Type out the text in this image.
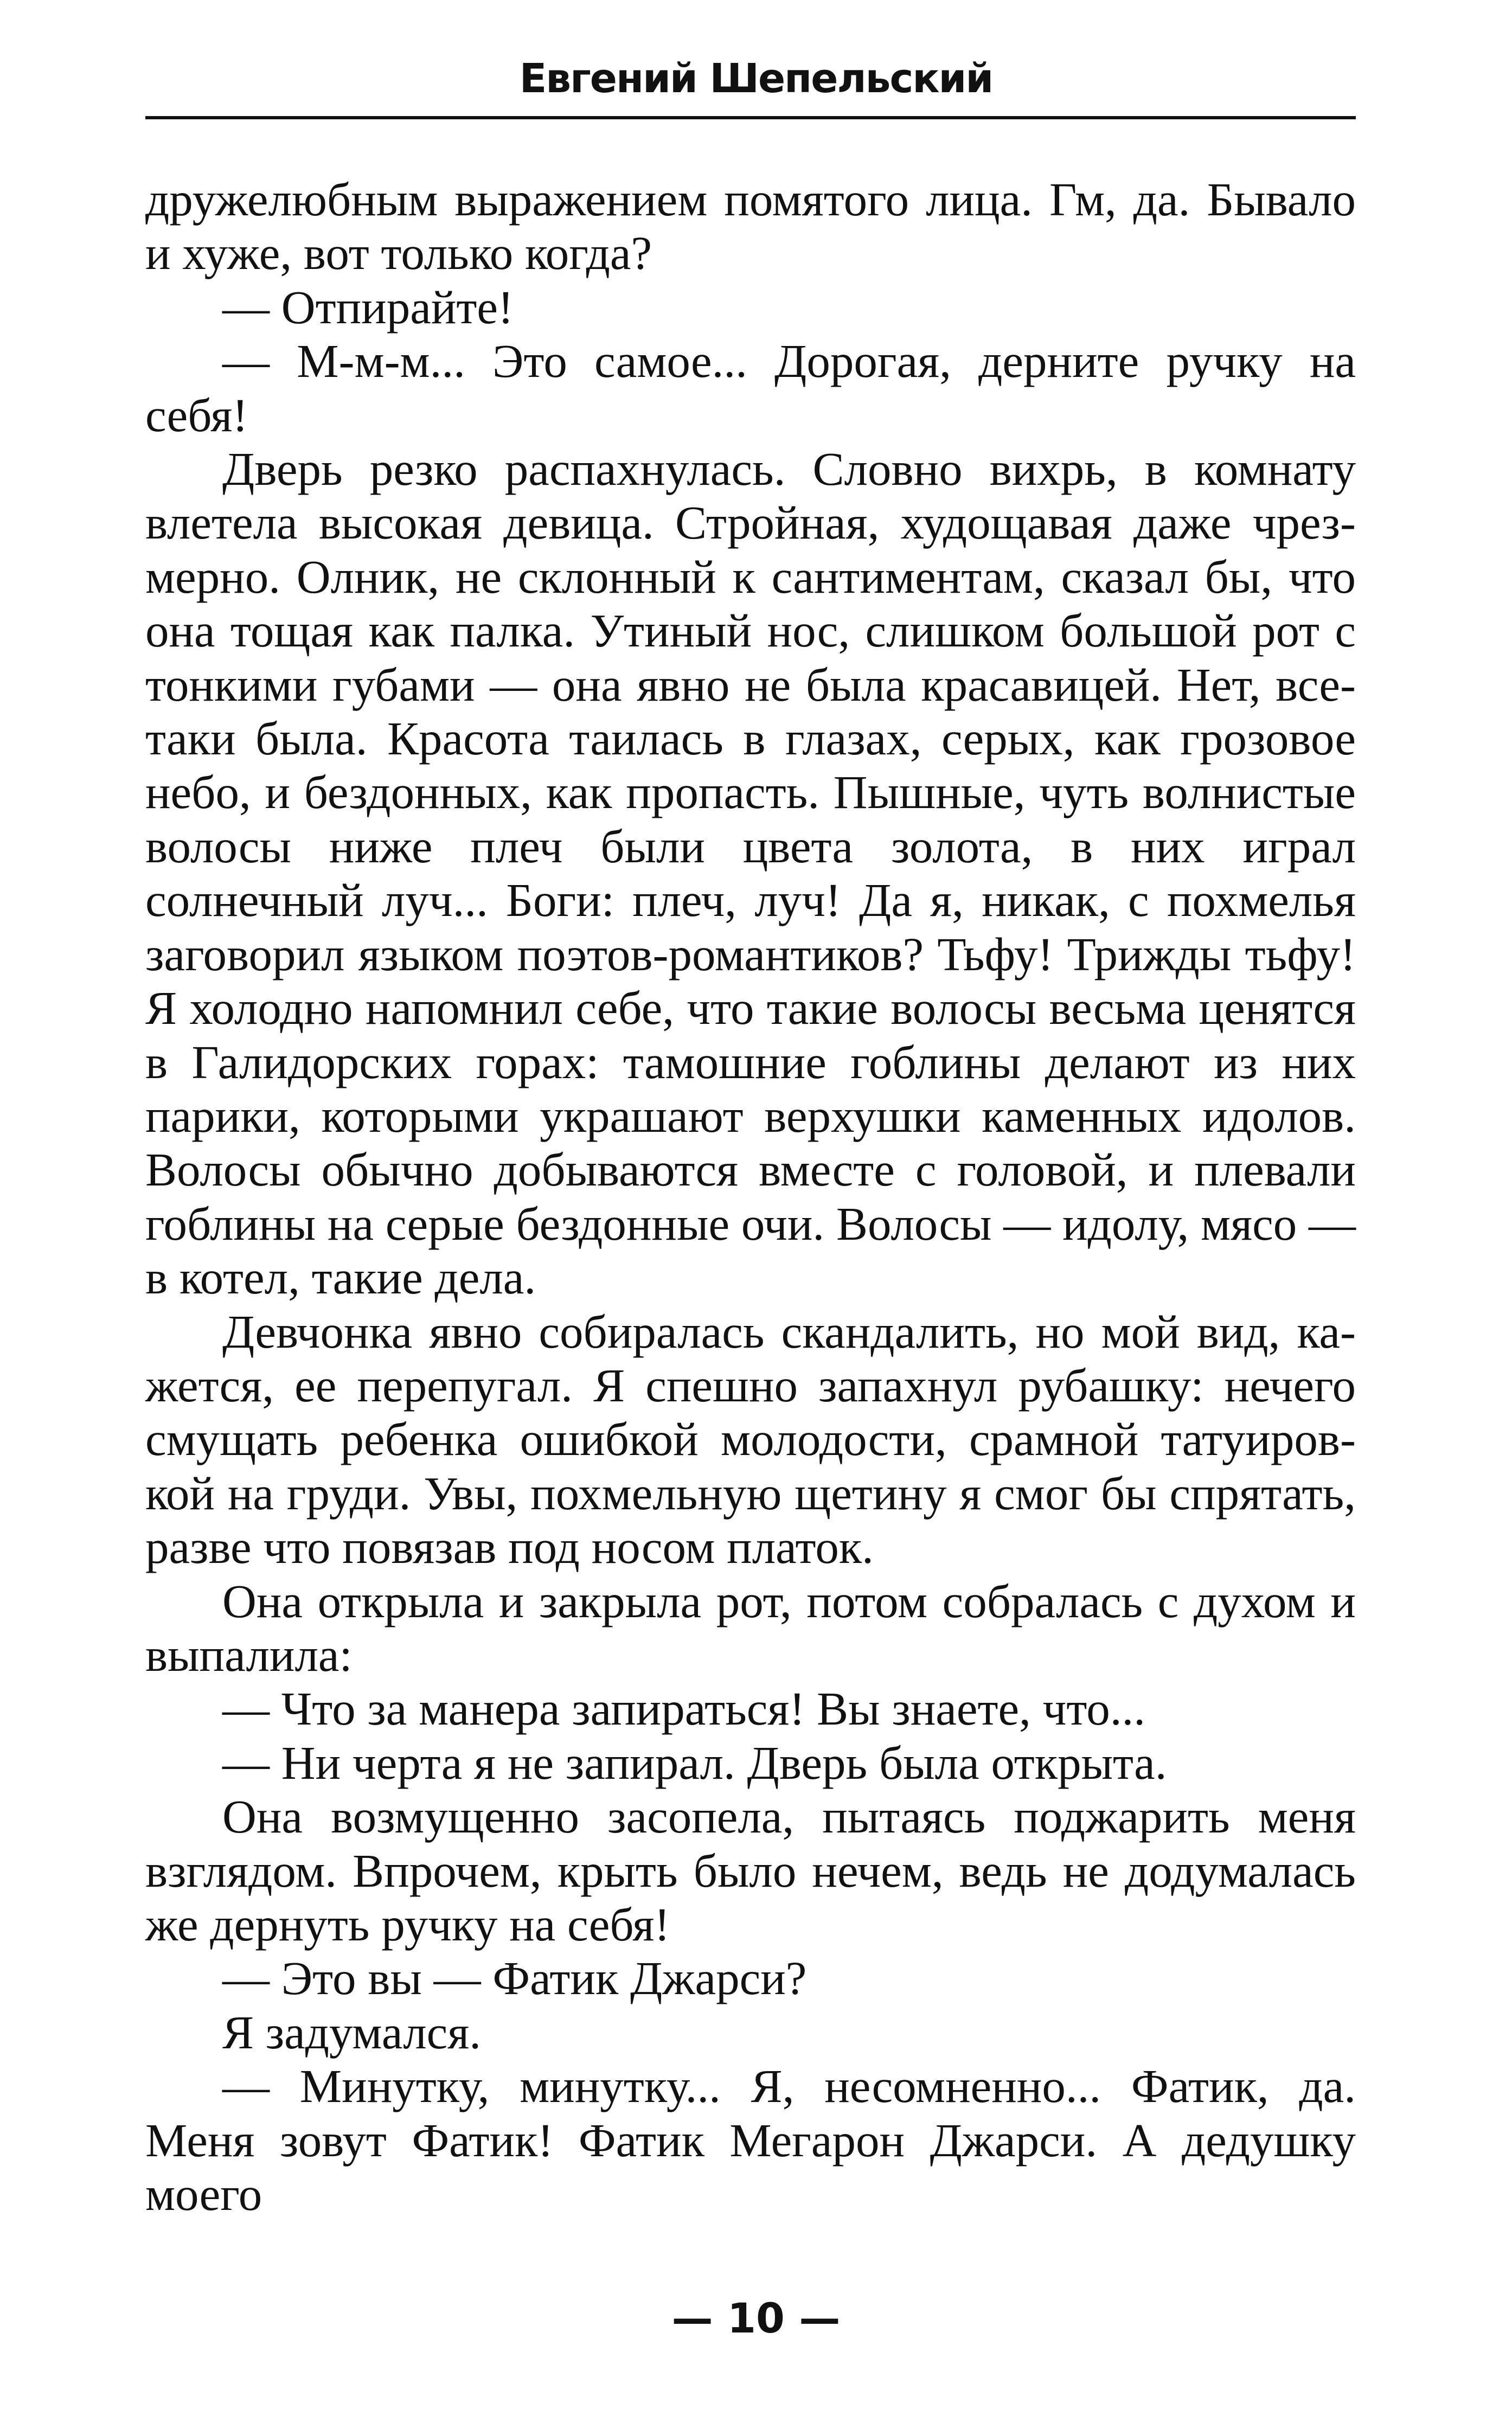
Евгений Шепельский

дружелюбным выражением помятого лица. Гм, да. Бывало и хуже, вот только когда?

— Отпирайте!

— М-м-м... Это самое... Дорогая, дерните ручку на себя!

Дверь резко распахнулась. Словно вихрь, в комнату влетела высокая девица. Стройная, худощавая даже чрезмерно. Олник, не склонный к сантиментам, сказал бы, что она тощая как палка. Утиный нос, слишком большой рот с тонкими губами — она явно не была красавицей. Нет, все-таки была. Красота таилась в глазах, серых, как грозовое небо, и бездонных, как пропасть. Пышные, чуть волнистые волосы ниже плеч были цвета золота, в них играл солнечный луч... Боги: плеч, луч! Да я, никак, с похмелья заговорил языком поэтов-романтиков? Тьфу! Трижды тьфу! Я холодно напомнил себе, что такие волосы весьма ценятся в Галидорских горах: тамошние гоблины делают из них парики, которыми украшают верхушки каменных идолов. Волосы обычно добываются вместе с головой, и плевали гоблины на серые бездонные очи. Волосы — идолу, мясо — в котел, такие дела.

Девчонка явно собиралась скандалить, но мой вид, кажется, ее перепугал. Я спешно запахнул рубашку: нечего смущать ребенка ошибкой молодости, срамной татуировкой на груди. Увы, похмельную щетину я смог бы спрятать, разве что повязав под носом платок.

Она открыла и закрыла рот, потом собралась с духом и выпалила:

— Что за манера запираться! Вы знаете, что...

— Ни черта я не запирал. Дверь была открыта.

Она возмущенно засопела, пытаясь поджарить меня взглядом. Впрочем, крыть было нечем, ведь не додумалась же дернуть ручку на себя!

— Это вы — Фатик Джарси?

Я задумался.

— Минутку, минутку... Я, несомненно... Фатик, да. Меня зовут Фатик! Фатик Мегарон Джарси. А дедушку моего

— 10 —
